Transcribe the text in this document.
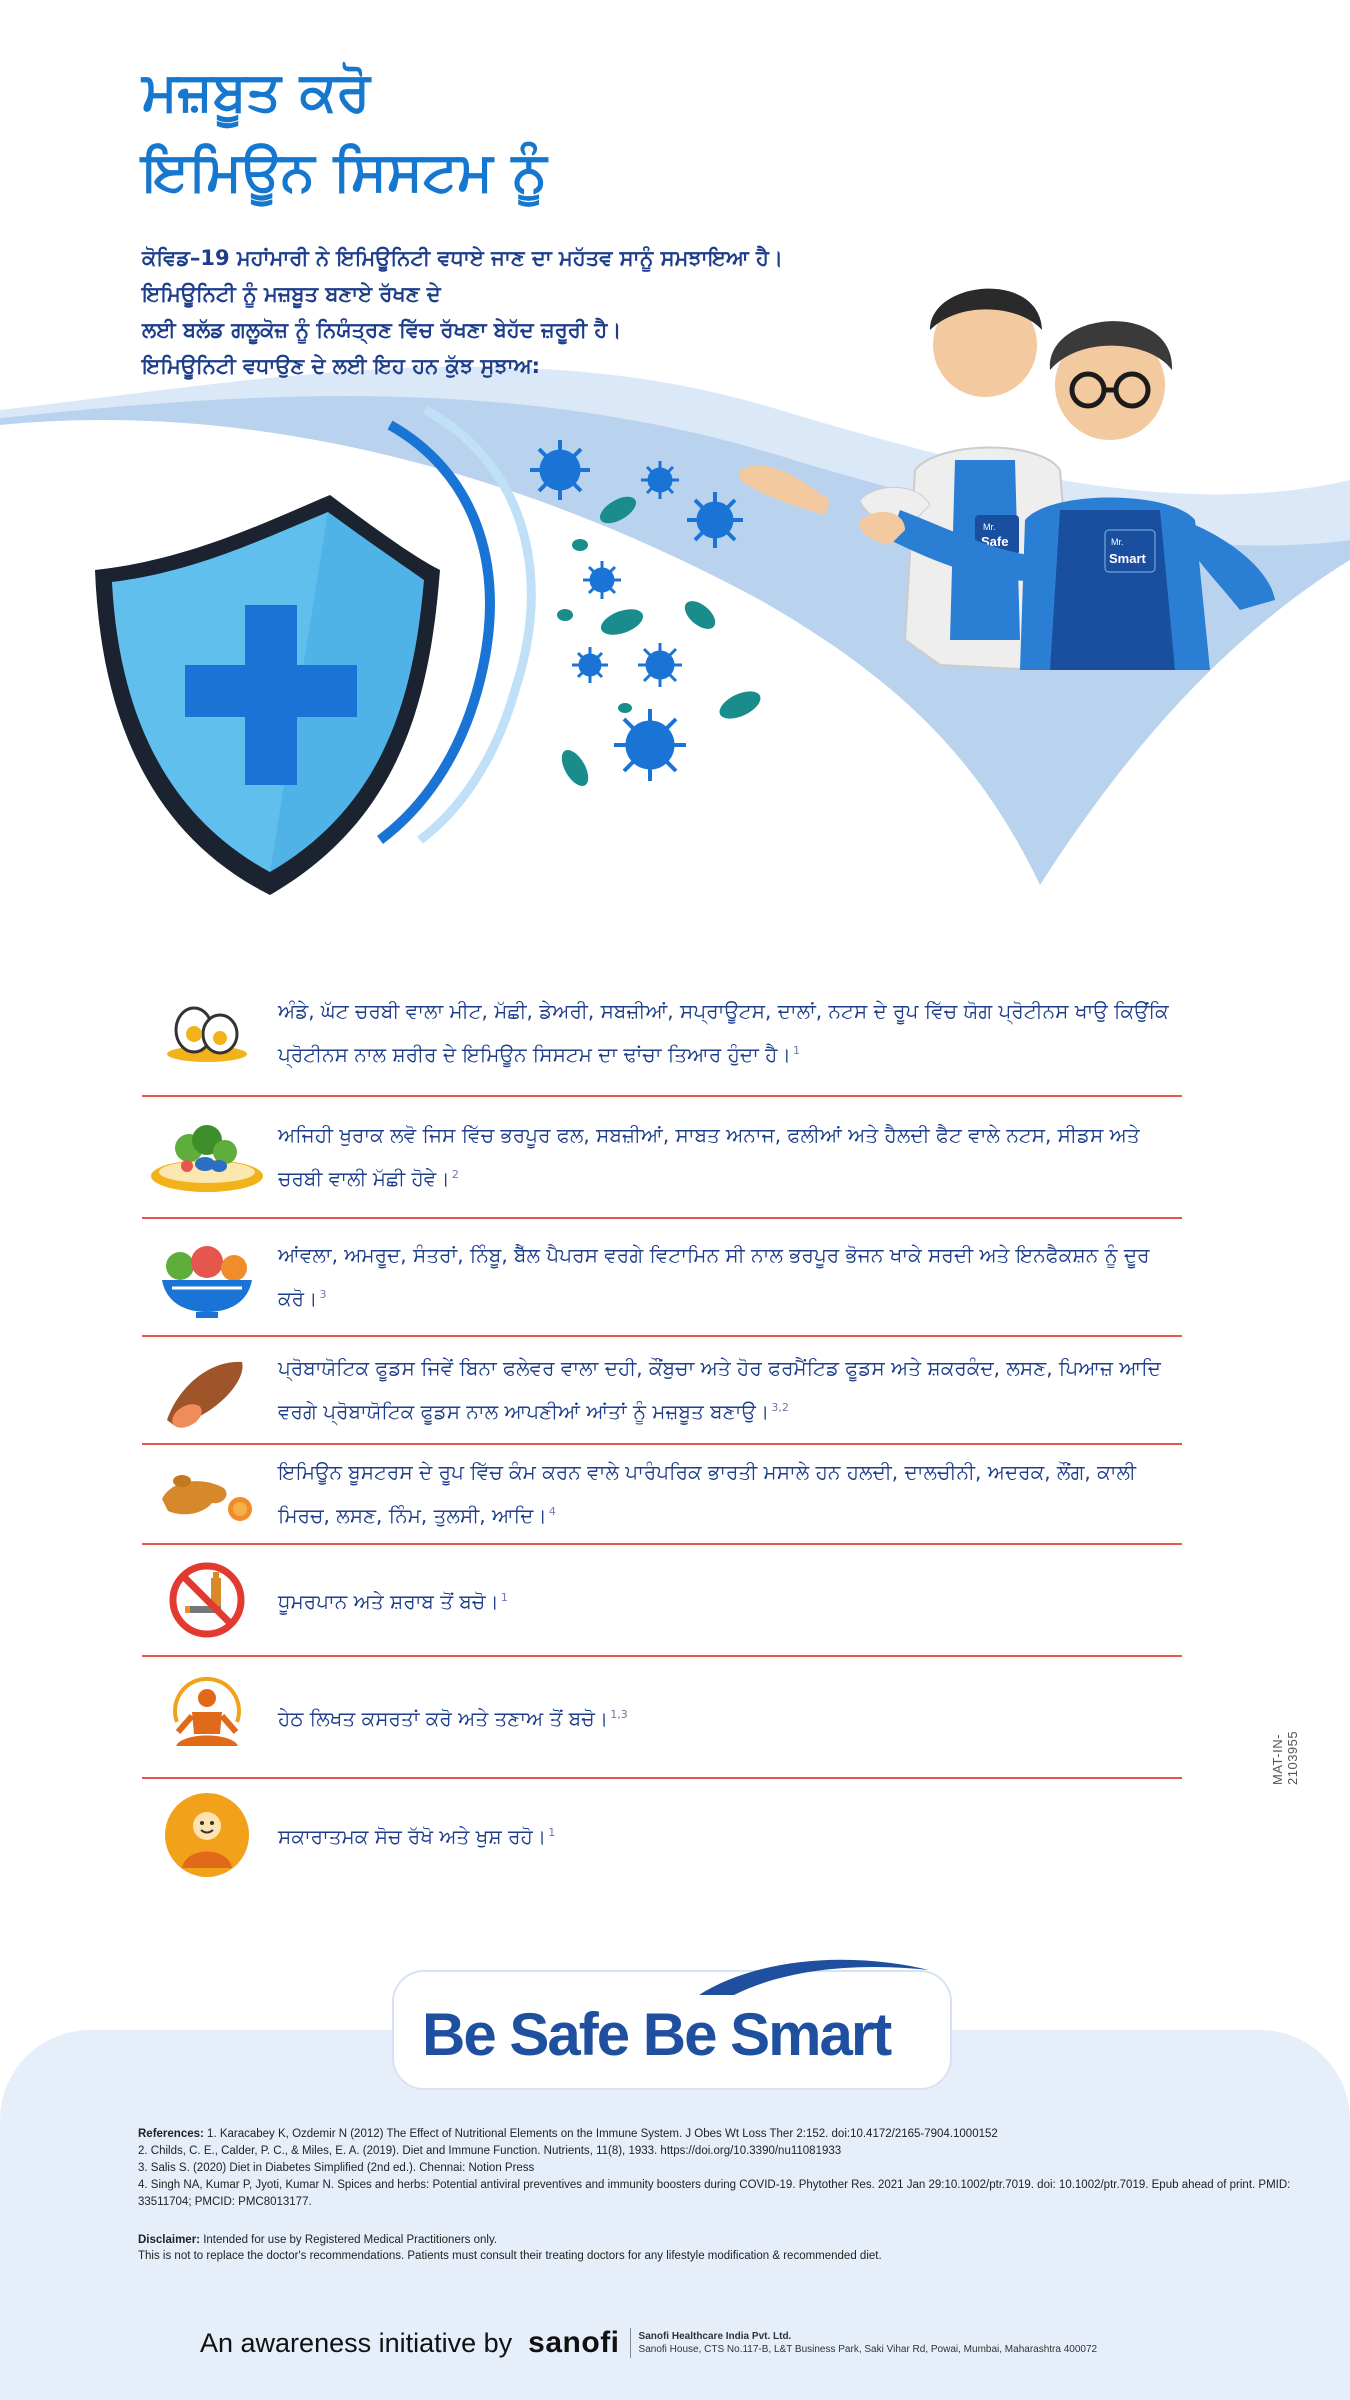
ਮਜ਼ਬੂਤ ਕਰੋ
ਇਮਿਊਨ ਸਿਸਟਮ ਨੂੰ
ਕੋਵਿਡ–19 ਮਹਾਂਮਾਰੀ ਨੇ ਇਮਿਊਨਿਟੀ ਵਧਾਏ ਜਾਣ ਦਾ ਮਹੱਤਵ ਸਾਨੂੰ ਸਮਝਾਇਆ ਹੈ।
ਇਮਿਊਨਿਟੀ ਨੂੰ ਮਜ਼ਬੂਤ ਬਣਾਏ ਰੱਖਣ ਦੇ
ਲਈ ਬਲੱਡ ਗਲੂਕੋਜ਼ ਨੂੰ ਨਿਯੰਤ੍ਰਣ ਵਿੱਚ ਰੱਖਣਾ ਬੇਹੱਦ ਜ਼ਰੂਰੀ ਹੈ।
ਇਮਿਊਨਿਟੀ ਵਧਾਉਣ ਦੇ ਲਈ ਇਹ ਹਨ ਕੁੱਝ ਸੁਝਾਅ:
Mr.
Safe	Mr.
Smart
ਅੰਡੇ, ਘੱਟ ਚਰਬੀ ਵਾਲਾ ਮੀਟ, ਮੱਛੀ, ਡੇਅਰੀ, ਸਬਜ਼ੀਆਂ, ਸਪ੍ਰਾਊਟਸ, ਦਾਲਾਂ, ਨਟਸ ਦੇ ਰੂਪ ਵਿੱਚ ਯੋਗ ਪ੍ਰੋਟੀਨਸ ਖਾਉ ਕਿਉਂਕਿ ਪ੍ਰੋਟੀਨਸ ਨਾਲ ਸ਼ਰੀਰ ਦੇ ਇਮਿਊਨ ਸਿਸਟਮ ਦਾ ਢਾਂਚਾ ਤਿਆਰ ਹੁੰਦਾ ਹੈ। $^1$
ਅਜਿਹੀ ਖੁਰਾਕ ਲਵੋ ਜਿਸ ਵਿੱਚ ਭਰਪੂਰ ਫਲ, ਸਬਜ਼ੀਆਂ, ਸਾਬਤ ਅਨਾਜ, ਫਲੀਆਂ ਅਤੇ ਹੈਲਦੀ ਫੈਟ ਵਾਲੇ ਨਟਸ, ਸੀਡਸ ਅਤੇ ਚਰਬੀ ਵਾਲੀ ਮੱਛੀ ਹੋਵੇ। $^2$
ਆਂਵਲਾ, ਅਮਰੂਦ, ਸੰਤਰਾਂ, ਨਿੰਬੂ, ਬੈੱਲ ਪੈਪਰਸ ਵਰਗੇ ਵਿਟਾਮਿਨ ਸੀ ਨਾਲ ਭਰਪੂਰ ਭੋਜਨ ਖਾਕੇ ਸਰਦੀ ਅਤੇ ਇਨਫੈਕਸ਼ਨ ਨੂੰ ਦੂਰ ਕਰੋ। $^3$
ਪ੍ਰੋਬਾਯੋਟਿਕ ਫੂਡਸ ਜਿਵੇਂ ਬਿਨਾ ਫਲੇਵਰ ਵਾਲਾ ਦਹੀ, ਕੌਂਬੁਚਾ ਅਤੇ ਹੋਰ ਫਰਮੈਂਟਿਡ ਫੂਡਸ ਅਤੇ ਸ਼ਕਰਕੰਦ, ਲਸਣ, ਪਿਆਜ਼ ਆਦਿ ਵਰਗੇ ਪ੍ਰੋਬਾਯੋਟਿਕ ਫੂਡਸ ਨਾਲ ਆਪਣੀਆਂ ਆਂਤਾਂ ਨੂੰ ਮਜ਼ਬੂਤ ਬਣਾਉ। $^{3,2}$
ਇਮਿਊਨ ਬੂਸਟਰਸ ਦੇ ਰੂਪ ਵਿੱਚ ਕੰਮ ਕਰਨ ਵਾਲੇ ਪਾਰੰਪਰਿਕ ਭਾਰਤੀ ਮਸਾਲੇ ਹਨ ਹਲਦੀ, ਦਾਲਚੀਨੀ, ਅਦਰਕ, ਲੌਂਗ, ਕਾਲੀ ਮਿਰਚ, ਲਸਣ, ਨਿੰਮ, ਤੁਲਸੀ, ਆਦਿ। $^4$
ਧੂਮਰਪਾਨ ਅਤੇ ਸ਼ਰਾਬ ਤੋਂ ਬਚੋ। $^1$
ਹੇਠ ਲਿਖਤ ਕਸਰਤਾਂ ਕਰੋ ਅਤੇ ਤਣਾਅ ਤੋਂ ਬਚੋ। $^{1,3}$
ਸਕਾਰਾਤਮਕ ਸੋਚ ਰੱਖੋ ਅਤੇ ਖੁਸ਼ ਰਹੋ। $^1$
MAT-IN-2103955
Be Safe Be Smart
References: 1. Karacabey K, Ozdemir N (2012) The Effect of Nutritional Elements on the Immune System. J Obes Wt Loss Ther 2:152. doi:10.4172/2165-7904.1000152
2. Childs, C. E., Calder, P. C., & Miles, E. A. (2019). Diet and Immune Function. Nutrients, 11(8), 1933. https://doi.org/10.3390/nu11081933
3. Salis S. (2020) Diet in Diabetes Simplified (2nd ed.). Chennai: Notion Press
4. Singh NA, Kumar P, Jyoti, Kumar N. Spices and herbs: Potential antiviral preventives and immunity boosters during COVID-19. Phytother Res. 2021 Jan 29:10.1002/ptr.7019. doi: 10.1002/ptr.7019. Epub ahead of print. PMID: 33511704; PMCID: PMC8013177.
Disclaimer: Intended for use by Registered Medical Practitioners only.
This is not to replace the doctor's recommendations. Patients must consult their treating doctors for any lifestyle modification & recommended diet.
An awareness initiative by sanofi Sanofi Healthcare India Pvt. Ltd.
Sanofi House, CTS No.117-B, L&T Business Park, Saki Vihar Rd, Powai, Mumbai, Maharashtra 400072
